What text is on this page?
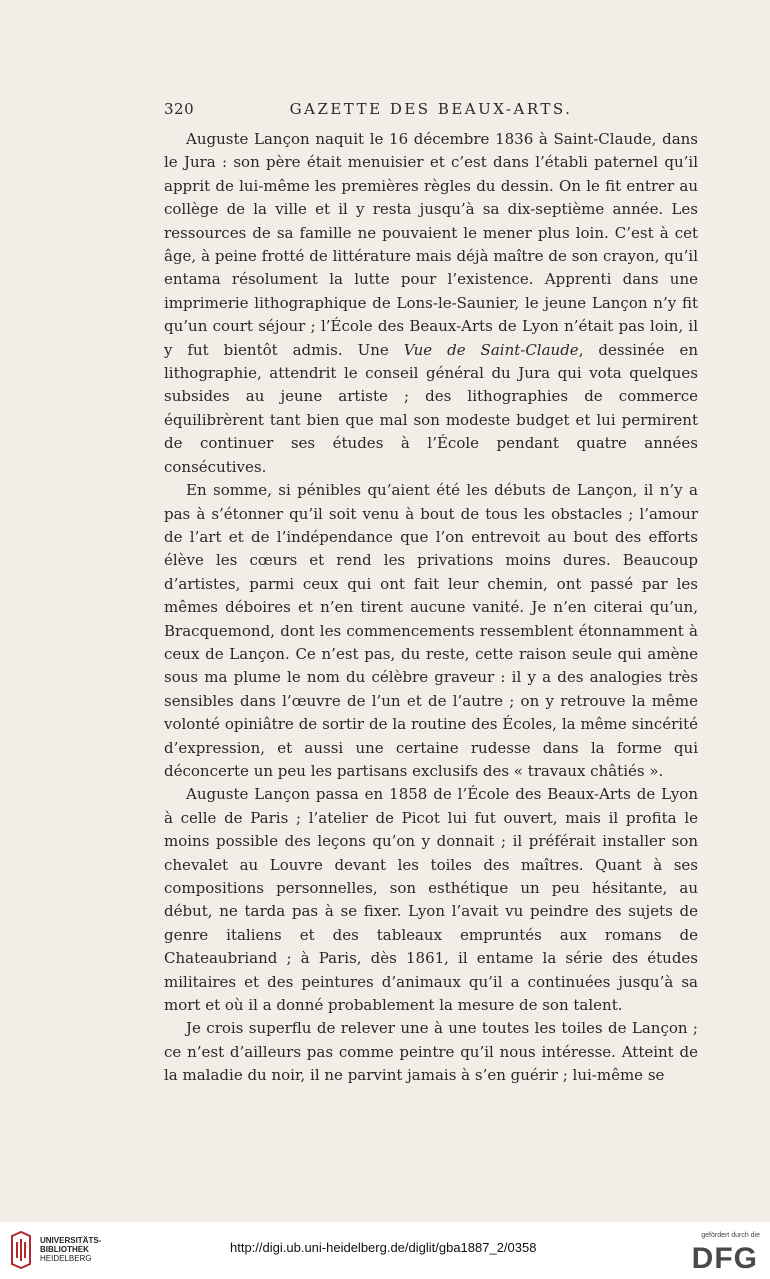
320	GAZETTE DES BEAUX-ARTS.

Auguste Lançon naquit le 16 décembre 1836 à Saint-Claude, dans le Jura : son père était menuisier et c’est dans l’établi paternel qu’il apprit de lui-même les premières règles du dessin. On le fit entrer au collège de la ville et il y resta jusqu’à sa dix-septième année. Les ressources de sa famille ne pouvaient le mener plus loin. C’est à cet âge, à peine frotté de littérature mais déjà maître de son crayon, qu’il entama résolument la lutte pour l’existence. Apprenti dans une imprimerie lithographique de Lons-le-Saunier, le jeune Lançon n’y fit qu’un court séjour ; l’École des Beaux-Arts de Lyon n’était pas loin, il y fut bientôt admis. Une Vue de Saint-Claude, dessinée en lithographie, attendrit le conseil général du Jura qui vota quelques subsides au jeune artiste ; des lithographies de commerce équilibrèrent tant bien que mal son modeste budget et lui permirent de continuer ses études à l’École pendant quatre années consécutives.

En somme, si pénibles qu’aient été les débuts de Lançon, il n’y a pas à s’étonner qu’il soit venu à bout de tous les obstacles ; l’amour de l’art et de l’indépendance que l’on entrevoit au bout des efforts élève les cœurs et rend les privations moins dures. Beaucoup d’artistes, parmi ceux qui ont fait leur chemin, ont passé par les mêmes déboires et n’en tirent aucune vanité. Je n’en citerai qu’un, Bracquemond, dont les commencements ressemblent étonnamment à ceux de Lançon. Ce n’est pas, du reste, cette raison seule qui amène sous ma plume le nom du célèbre graveur : il y a des analogies très sensibles dans l’œuvre de l’un et de l’autre ; on y retrouve la même volonté opiniâtre de sortir de la routine des Écoles, la même sincérité d’expression, et aussi une certaine rudesse dans la forme qui déconcerte un peu les partisans exclusifs des « travaux châtiés ».

Auguste Lançon passa en 1858 de l’École des Beaux-Arts de Lyon à celle de Paris ; l’atelier de Picot lui fut ouvert, mais il profita le moins possible des leçons qu’on y donnait ; il préférait installer son chevalet au Louvre devant les toiles des maîtres. Quant à ses compositions personnelles, son esthétique un peu hésitante, au début, ne tarda pas à se fixer. Lyon l’avait vu peindre des sujets de genre italiens et des tableaux empruntés aux romans de Chateaubriand ; à Paris, dès 1861, il entame la série des études militaires et des peintures d’animaux qu’il a continuées jusqu’à sa mort et où il a donné probablement la mesure de son talent.

Je crois superflu de relever une à une toutes les toiles de Lançon ; ce n’est d’ailleurs pas comme peintre qu’il nous intéresse. Atteint de la maladie du noir, il ne parvint jamais à s’en guérir ; lui-même se

UNIVERSITÄTS-
BIBLIOTHEK
HEIDELBERG
http://digi.ub.uni-heidelberg.de/diglit/gba1887_2/0358
gefördert durch die
DFG
